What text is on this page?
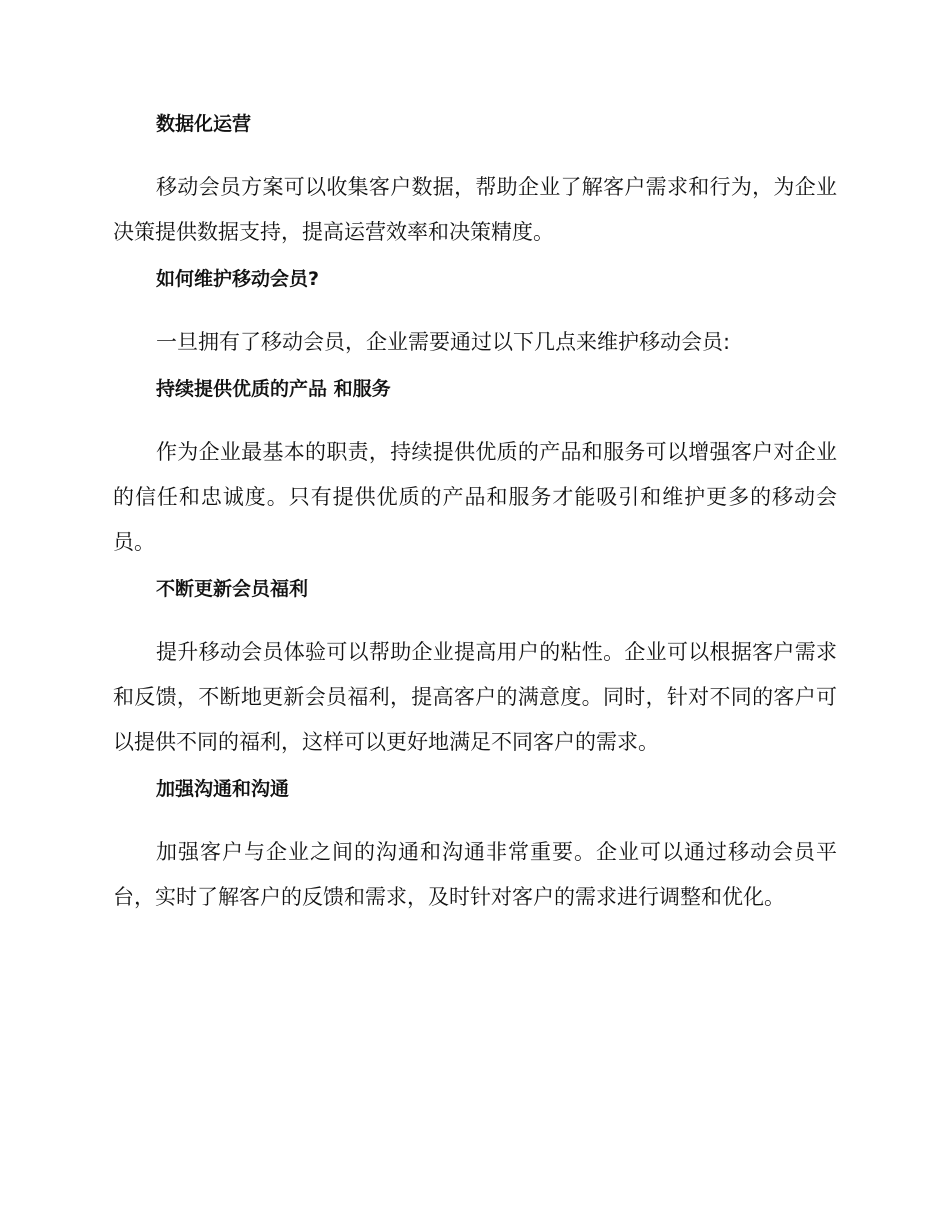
数据化运营

移动会员方案可以收集客户数据，帮助企业了解客户需求和行为，为企业决策提供数据支持，提高运营效率和决策精度。

如何维护移动会员?

一旦拥有了移动会员，企业需要通过以下几点来维护移动会员:

持续提供优质的产品 和服务

作为企业最基本的职责，持续提供优质的产品和服务可以增强客户对企业的信任和忠诚度。只有提供优质的产品和服务才能吸引和维护更多的移动会员。

不断更新会员福利

提升移动会员体验可以帮助企业提高用户的粘性。企业可以根据客户需求和反馈，不断地更新会员福利，提高客户的满意度。同时，针对不同的客户可以提供不同的福利，这样可以更好地满足不同客户的需求。

加强沟通和沟通

加强客户与企业之间的沟通和沟通非常重要。企业可以通过移动会员平台，实时了解客户的反馈和需求，及时针对客户的需求进行调整和优化。
